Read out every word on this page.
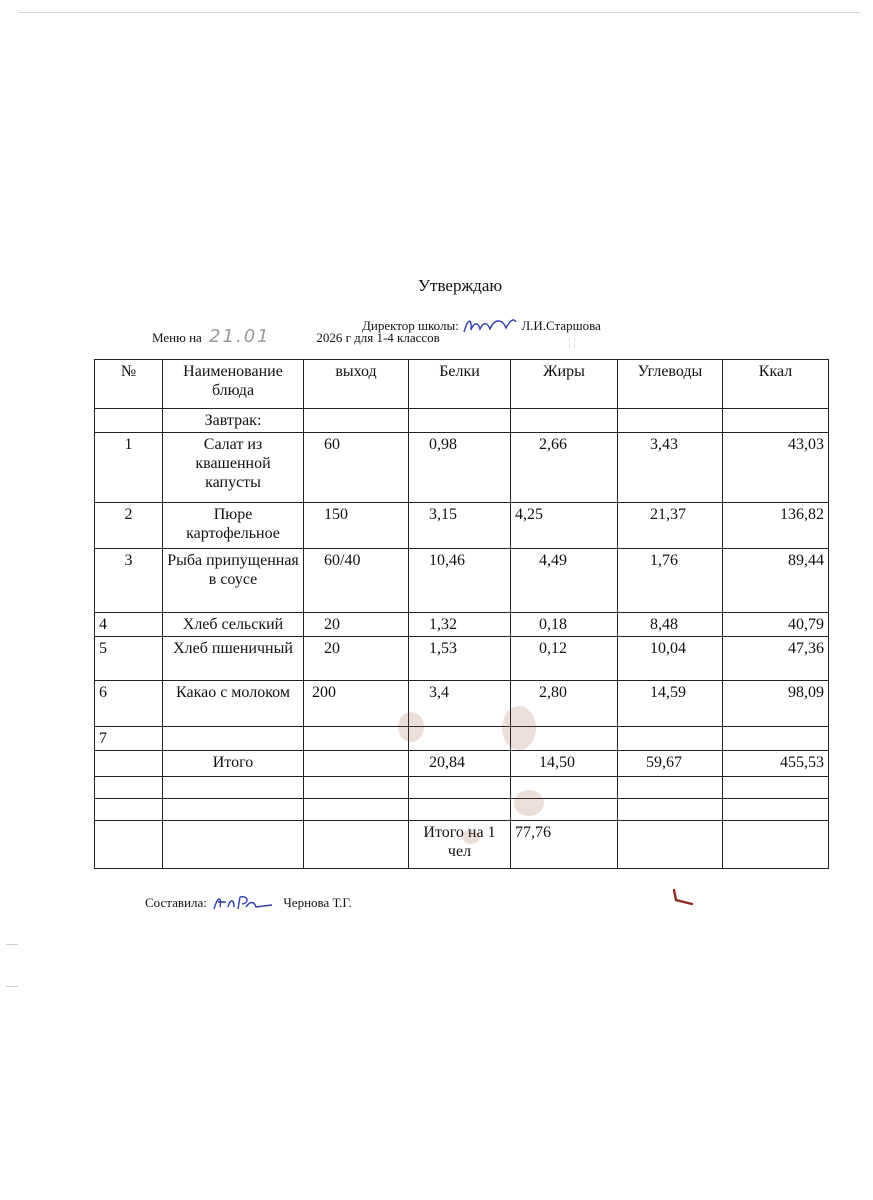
Утверждаю
Директор школы:	Л.И.Старшова
Меню на 21.01	2026 г для 1-4 классов	¦¦
№	Наименование блюда	выход	Белки	Жиры	Углеводы	Ккал
	Завтрак:					
1	Салат из квашенной капусты	60	0,98	2,66	3,43	43,03
2	Пюре картофельное	150	3,15	4,25	21,37	136,82
3	Рыба припущенная в соусе	60/40	10,46	4,49	1,76	89,44
4	Хлеб сельский	20	1,32	0,18	8,48	40,79
5	Хлеб пшеничный	20	1,53	0,12	10,04	47,36
6	Какао с молоком	200	3,4	2,80	14,59	98,09
7						
	Итого		20,84	14,50	59,67	455,53

			Итого на 1 чел	77,76		
Составила:	Чернова Т.Г.
